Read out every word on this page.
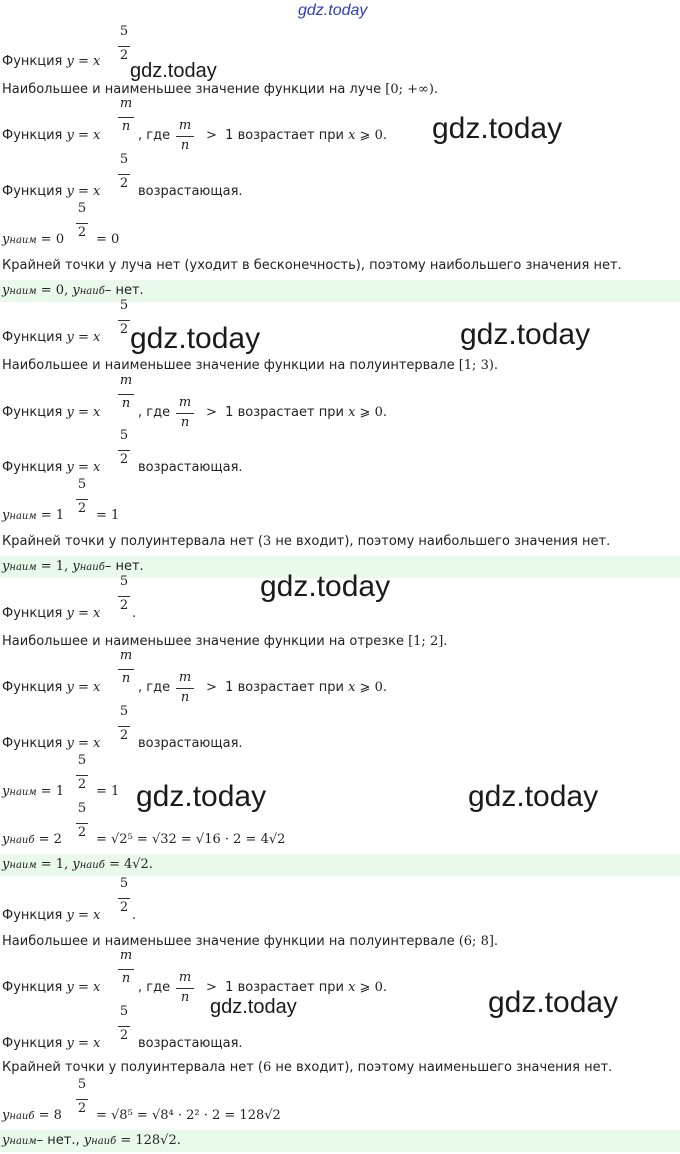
gdz.today
Функция y = x
5
2
gdz.today
Наибольшее и наименьшее значение функции на луче [0; +∞).
Функция y = x
m
n
, где
m
n
> 1 возрастает при x ⩾ 0. gdz.today
Функция y = x
5
2
возрастающая.
yнаим = 0
5
2 = 0
Крайней точки у луча нет (уходит в бесконечность), поэтому наибольшего значения нет.
yнаим = 0, yнаиб– нет.
Функция y = x
5
2 gdz.today	gdz.today
Наибольшее и наименьшее значение функции на полуинтервале [1; 3).
Функция y = x
m
n
, где
m
n
> 1 возрастает при x ⩾ 0.
Функция y = x
5
2
возрастающая.
yнаим = 1
5
2 = 1
Крайней точки у полуинтервала нет (3 не входит), поэтому наибольшего значения нет.
yнаим = 1, yнаиб– нет.
Функция y = x
5
2
.
gdz.today
Наибольшее и наименьшее значение функции на отрезке [1; 2].
Функция y = x
m
n
, где
m
n
> 1 возрастает при x ⩾ 0.
Функция y = x
5
2
возрастающая.
yнаим = 1
5
2 = 1 gdz.today	gdz.today
yнаиб = 2
5
2 = √2⁵ = √32 = √16 · 2 = 4√2
yнаим = 1, yнаиб = 4√2.
Функция y = x
5
2
.
Наибольшее и наименьшее значение функции на полуинтервале (6; 8].
Функция y = x
m
n
, где
m
n
> 1 возрастает при x ⩾ 0.
gdz.today	gdz.today
Функция y = x
5
2
возрастающая.
Крайней точки у полуинтервала нет (6 не входит), поэтому наименьшего значения нет.
yнаиб = 8
5
2 = √8⁵ = √8⁴ · 2² · 2 = 128√2
yнаим– нет., yнаиб = 128√2.
